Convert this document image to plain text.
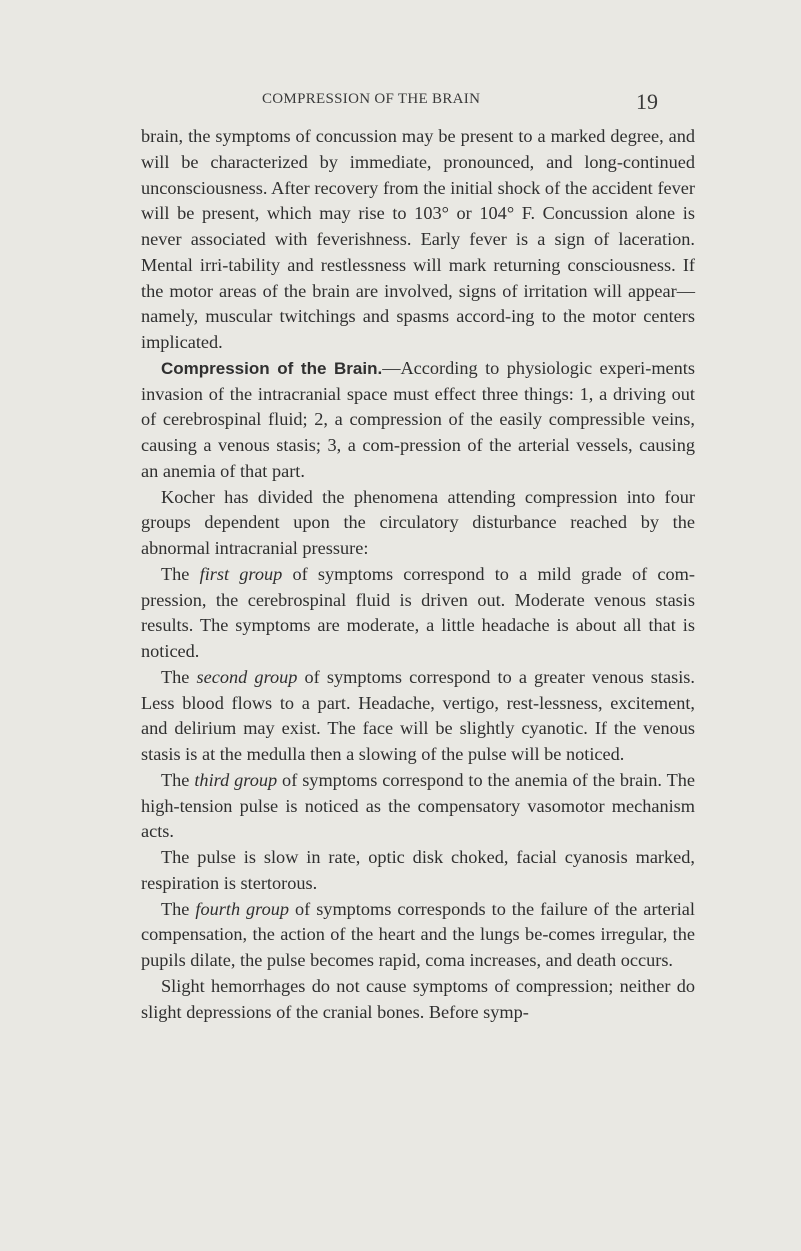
COMPRESSION OF THE BRAIN	19

brain, the symptoms of concussion may be present to a marked degree, and will be characterized by immediate, pronounced, and long-continued unconsciousness. After recovery from the initial shock of the accident fever will be present, which may rise to 103° or 104° F. Concussion alone is never associated with feverishness. Early fever is a sign of laceration. Mental irri-tability and restlessness will mark returning consciousness. If the motor areas of the brain are involved, signs of irritation will appear—namely, muscular twitchings and spasms accord-ing to the motor centers implicated.

Compression of the Brain.—According to physiologic experi-ments invasion of the intracranial space must effect three things: 1, a driving out of cerebrospinal fluid; 2, a compression of the easily compressible veins, causing a venous stasis; 3, a com-pression of the arterial vessels, causing an anemia of that part.

Kocher has divided the phenomena attending compression into four groups dependent upon the circulatory disturbance reached by the abnormal intracranial pressure:

The first group of symptoms correspond to a mild grade of com-pression, the cerebrospinal fluid is driven out. Moderate venous stasis results. The symptoms are moderate, a little headache is about all that is noticed.

The second group of symptoms correspond to a greater venous stasis. Less blood flows to a part. Headache, vertigo, rest-lessness, excitement, and delirium may exist. The face will be slightly cyanotic. If the venous stasis is at the medulla then a slowing of the pulse will be noticed.

The third group of symptoms correspond to the anemia of the brain. The high-tension pulse is noticed as the compensatory vasomotor mechanism acts.

The pulse is slow in rate, optic disk choked, facial cyanosis marked, respiration is stertorous.

The fourth group of symptoms corresponds to the failure of the arterial compensation, the action of the heart and the lungs be-comes irregular, the pupils dilate, the pulse becomes rapid, coma increases, and death occurs.

Slight hemorrhages do not cause symptoms of compression; neither do slight depressions of the cranial bones. Before symp-
